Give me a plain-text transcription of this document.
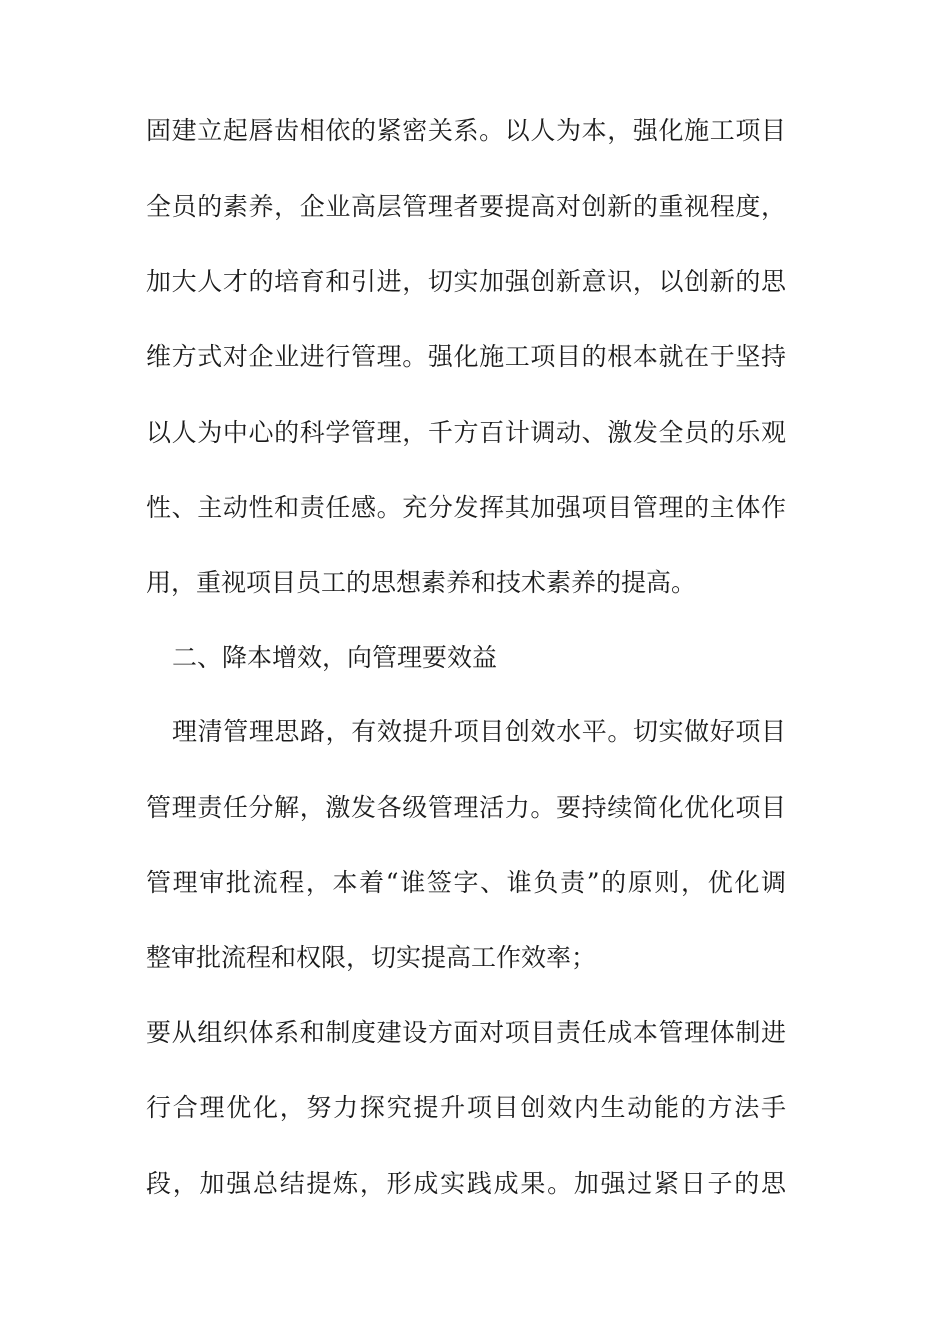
固建立起唇齿相依的紧密关系。以人为本，强化施工项目
全员的素养，企业高层管理者要提高对创新的重视程度，
加大人才的培育和引进，切实加强创新意识，以创新的思
维方式对企业进行管理。强化施工项目的根本就在于坚持
以人为中心的科学管理，千方百计调动、激发全员的乐观
性、主动性和责任感。充分发挥其加强项目管理的主体作
用，重视项目员工的思想素养和技术素养的提高。
二、降本增效，向管理要效益
理清管理思路，有效提升项目创效水平。切实做好项目
管理责任分解，激发各级管理活力。要持续简化优化项目
管理审批流程，本着“谁签字、谁负责”的原则，优化调
整审批流程和权限，切实提高工作效率；
要从组织体系和制度建设方面对项目责任成本管理体制进
行合理优化，努力探究提升项目创效内生动能的方法手
段，加强总结提炼，形成实践成果。加强过紧日子的思
